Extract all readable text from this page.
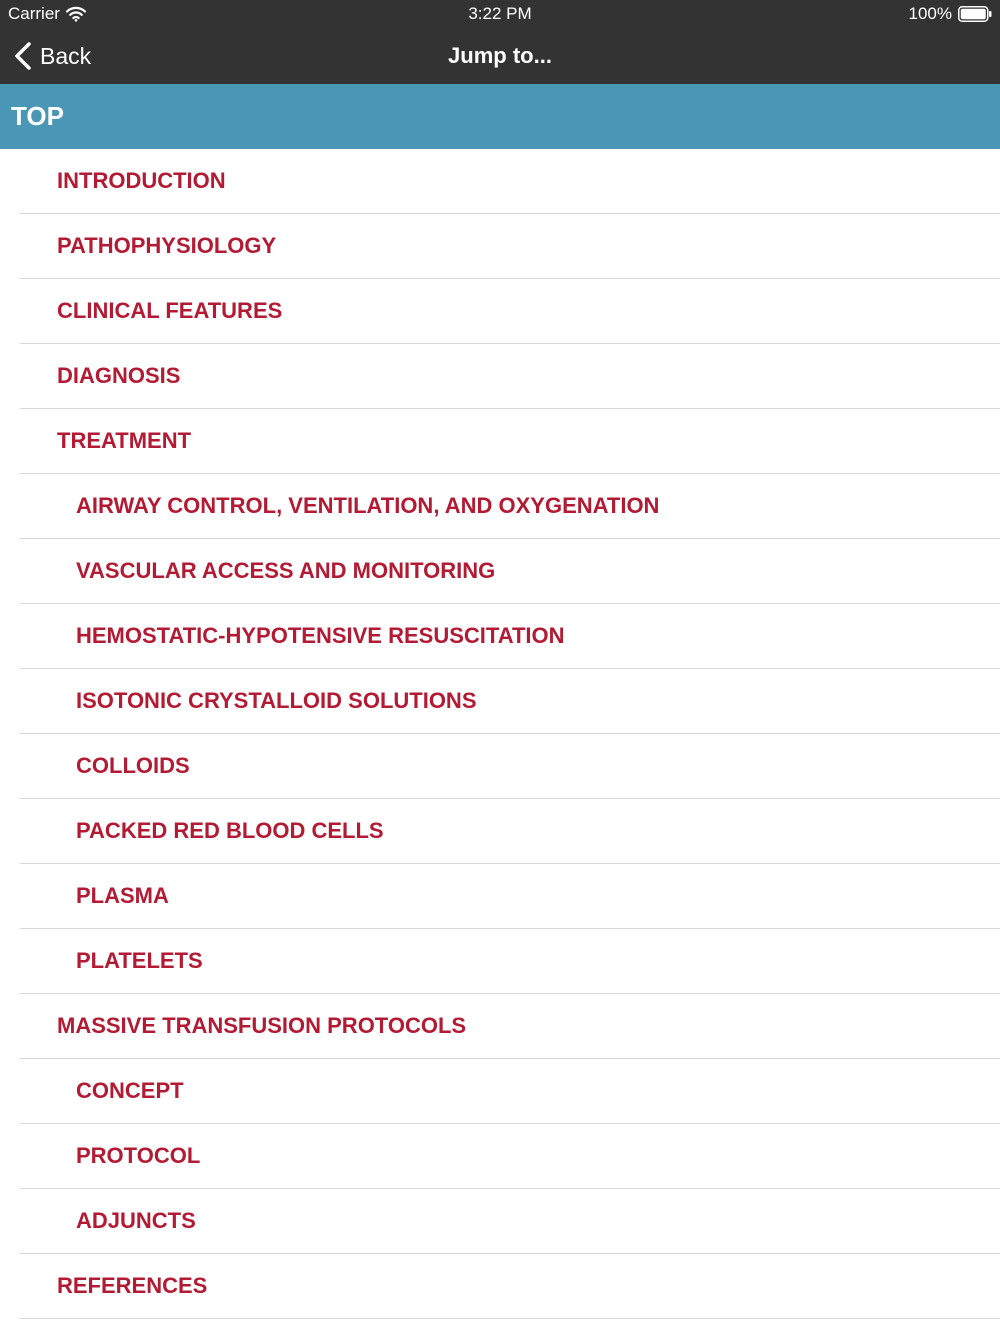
Carrier	3:22 PM	100%
Back	Jump to...
TOP
INTRODUCTION
PATHOPHYSIOLOGY
CLINICAL FEATURES
DIAGNOSIS
TREATMENT
AIRWAY CONTROL, VENTILATION, AND OXYGENATION
VASCULAR ACCESS AND MONITORING
HEMOSTATIC-HYPOTENSIVE RESUSCITATION
ISOTONIC CRYSTALLOID SOLUTIONS
COLLOIDS
PACKED RED BLOOD CELLS
PLASMA
PLATELETS
MASSIVE TRANSFUSION PROTOCOLS
CONCEPT
PROTOCOL
ADJUNCTS
REFERENCES
